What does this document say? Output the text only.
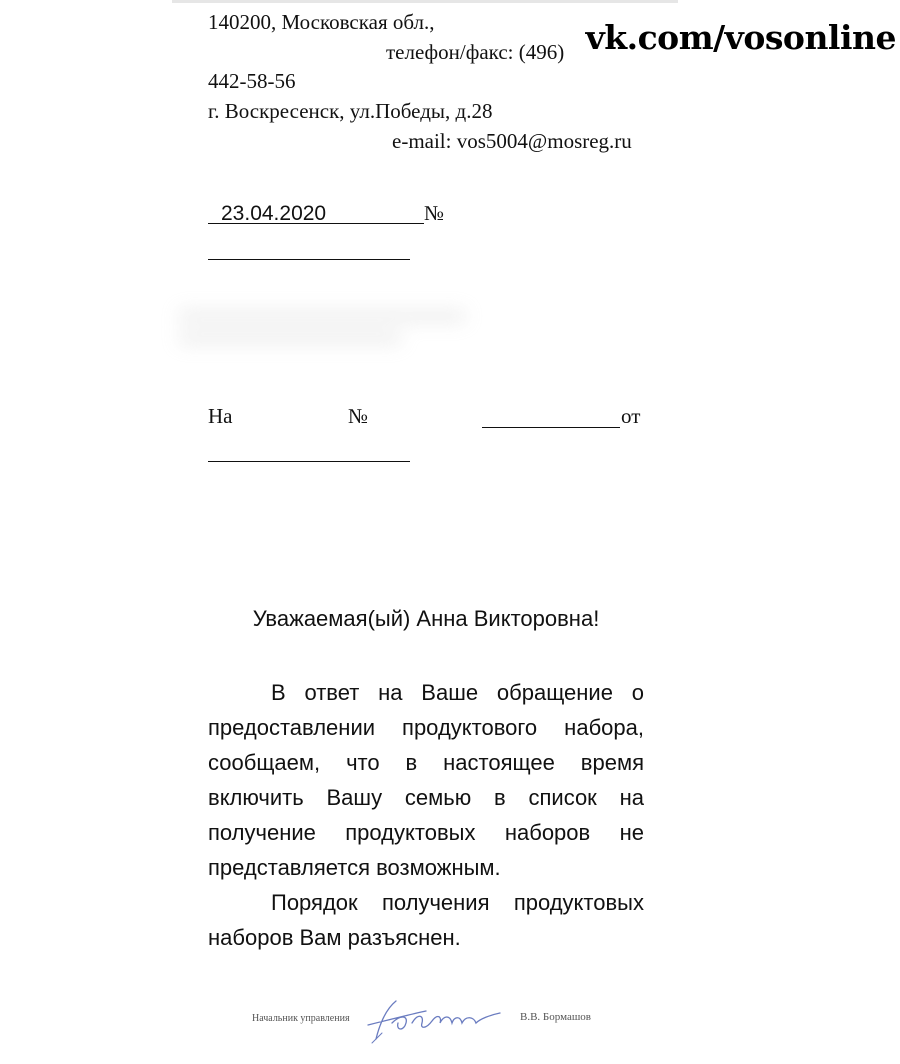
vk.com/vosonline
140200, Московская обл.,
телефон/факс: (496)
442-58-56
г. Воскресенск, ул.Победы, д.28
e-mail: vos5004@mosreg.ru
23.04.2020	№
На	№	от
Уважаемая(ый) Анна Викторовна!

В ответ на Ваше обращение о предоставлении продуктового набора, сообщаем, что в настоящее время включить Вашу семью в список на получение продуктовых наборов не представляется возможным.

Порядок получения продуктовых наборов Вам разъяснен.

Начальник управления	В.В. Бормашов
